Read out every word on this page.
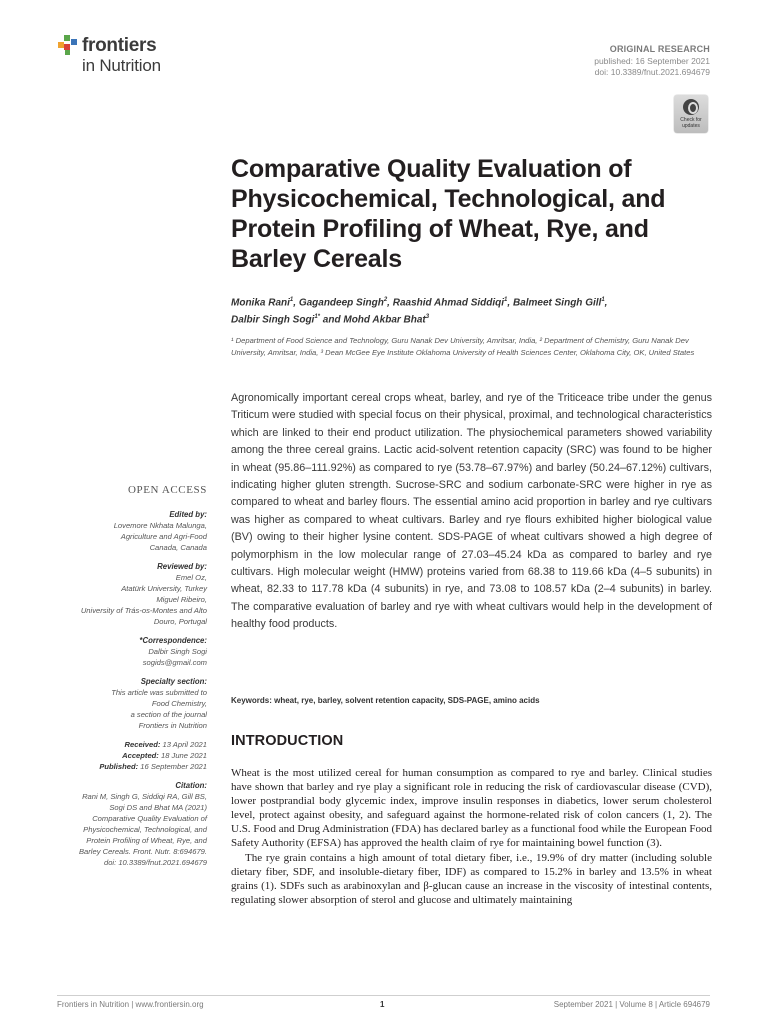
frontiers
in Nutrition
ORIGINAL RESEARCH
published: 16 September 2021
doi: 10.3389/fnut.2021.694679
Check for updates
Comparative Quality Evaluation of Physicochemical, Technological, and Protein Profiling of Wheat, Rye, and Barley Cereals
Monika Rani$^1$, Gagandeep Singh$^2$, Raashid Ahmad Siddiqi$^1$, Balmeet Singh Gill$^1$,
Dalbir Singh Sogi$^{1*}$ and Mohd Akbar Bhat$^3$
¹ Department of Food Science and Technology, Guru Nanak Dev University, Amritsar, India, ² Department of Chemistry, Guru Nanak Dev University, Amritsar, India, ³ Dean McGee Eye Institute Oklahoma University of Health Sciences Center, Oklahoma City, OK, United States
Agronomically important cereal crops wheat, barley, and rye of the Triticeace tribe under the genus Triticum were studied with special focus on their physical, proximal, and technological characteristics which are linked to their end product utilization. The physiochemical parameters showed variability among the three cereal grains. Lactic acid-solvent retention capacity (SRC) was found to be higher in wheat (95.86–111.92%) as compared to rye (53.78–67.97%) and barley (50.24–67.12%) cultivars, indicating higher gluten strength. Sucrose-SRC and sodium carbonate-SRC were higher in rye as compared to wheat and barley flours. The essential amino acid proportion in barley and rye cultivars was higher as compared to wheat cultivars. Barley and rye flours exhibited higher biological value (BV) owing to their higher lysine content. SDS-PAGE of wheat cultivars showed a high degree of polymorphism in the low molecular range of 27.03–45.24 kDa as compared to barley and rye cultivars. High molecular weight (HMW) proteins varied from 68.38 to 119.66 kDa (4–5 subunits) in wheat, 82.33 to 117.78 kDa (4 subunits) in rye, and 73.08 to 108.57 kDa (2–4 subunits) in barley. The comparative evaluation of barley and rye with wheat cultivars would help in the development of healthy food products.
Keywords: wheat, rye, barley, solvent retention capacity, SDS-PAGE, amino acids
INTRODUCTION

Wheat is the most utilized cereal for human consumption as compared to rye and barley. Clinical studies have shown that barley and rye play a significant role in reducing the risk of cardiovascular disease (CVD), lower postprandial body glycemic index, improve insulin responses in diabetics, lower serum cholesterol level, protect against obesity, and safeguard against the hormone-related risk of colon cancers (1, 2). The U.S. Food and Drug Administration (FDA) has declared barley as a functional food while the European Food Safety Authority (EFSA) has approved the health claim of rye for maintaining bowel function (3).

The rye grain contains a high amount of total dietary fiber, i.e., 19.9% of dry matter (including soluble dietary fiber, SDF, and insoluble-dietary fiber, IDF) as compared to 15.2% in barley and 13.5% in wheat grains (1). SDFs such as arabinoxylan and β-glucan cause an increase in the viscosity of intestinal contents, regulating slower absorption of sterol and glucose and ultimately maintaining

OPEN ACCESS
Edited by:
Lovemore Nkhata Malunga,
Agriculture and Agri-Food
Canada, Canada
Reviewed by:
Emel Oz,
Atatürk University, Turkey
Miguel Ribeiro,
University of Trás-os-Montes and Alto
Douro, Portugal
*Correspondence:
Dalbir Singh Sogi
sogids@gmail.com
Specialty section:
This article was submitted to
Food Chemistry,
a section of the journal
Frontiers in Nutrition
Received: 13 April 2021
Accepted: 18 June 2021
Published: 16 September 2021
Citation:
Rani M, Singh G, Siddiqi RA, Gill BS,
Sogi DS and Bhat MA (2021)
Comparative Quality Evaluation of
Physicochemical, Technological, and
Protein Profiling of Wheat, Rye, and
Barley Cereals. Front. Nutr. 8:694679.
doi: 10.3389/fnut.2021.694679
Frontiers in Nutrition | www.frontiersin.org	1	September 2021 | Volume 8 | Article 694679
